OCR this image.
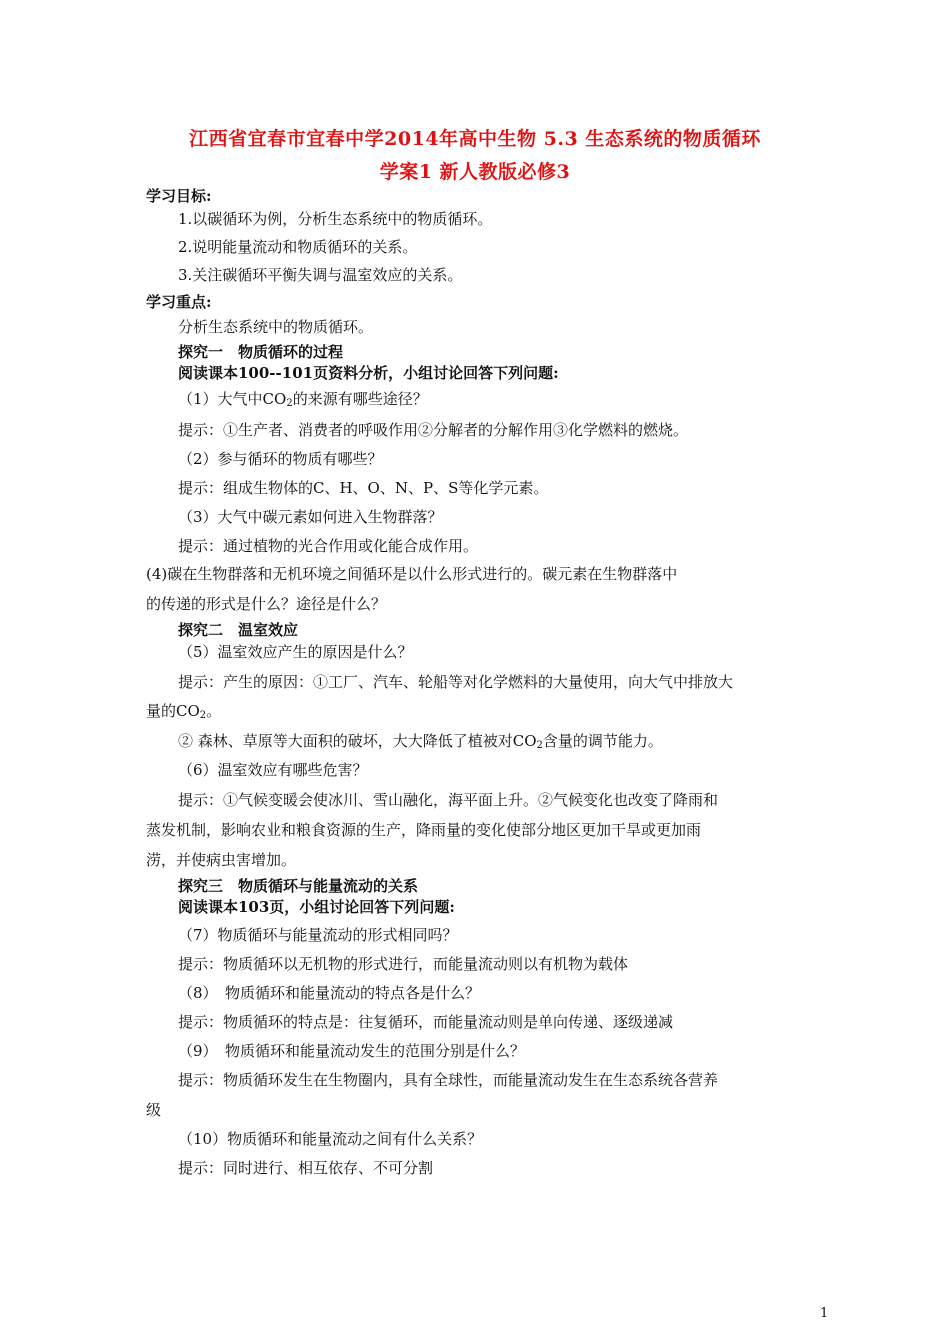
江西省宜春市宜春中学2014年高中生物 5.3 生态系统的物质循环
学案1 新人教版必修3
学习目标:
1.以碳循环为例，分析生态系统中的物质循环。
2.说明能量流动和物质循环的关系。
3.关注碳循环平衡失调与温室效应的关系。
学习重点:
分析生态系统中的物质循环。
探究一　物质循环的过程
阅读课本100--101页资料分析，小组讨论回答下列问题:
（1）大气中$CO_2$的来源有哪些途径？
提示：①生产者、消费者的呼吸作用②分解者的分解作用③化学燃料的燃烧。
（2）参与循环的物质有哪些？
提示：组成生物体的C、H、O、N、P、S等化学元素。
（3）大气中碳元素如何进入生物群落？
提示：通过植物的光合作用或化能合成作用。
(4)碳在生物群落和无机环境之间循环是以什么形式进行的。碳元素在生物群落中
的传递的形式是什么？途径是什么？
探究二　温室效应
（5）温室效应产生的原因是什么？
提示：产生的原因：①工厂、汽车、轮船等对化学燃料的大量使用，向大气中排放大
量的$CO_2$。
② 森林、草原等大面积的破坏，大大降低了植被对$CO_2$含量的调节能力。
（6）温室效应有哪些危害？
提示：①气候变暖会使冰川、雪山融化，海平面上升。②气候变化也改变了降雨和
蒸发机制，影响农业和粮食资源的生产，降雨量的变化使部分地区更加干旱或更加雨
涝，并使病虫害增加。
探究三　物质循环与能量流动的关系
阅读课本103页，小组讨论回答下列问题:
（7）物质循环与能量流动的形式相同吗？
提示：物质循环以无机物的形式进行，而能量流动则以有机物为载体
（8）　物质循环和能量流动的特点各是什么？
提示：物质循环的特点是：往复循环，而能量流动则是单向传递、逐级递减
（9）　物质循环和能量流动发生的范围分别是什么？
提示：物质循环发生在生物圈内，具有全球性，而能量流动发生在生态系统各营养
级
（10）物质循环和能量流动之间有什么关系？
提示：同时进行、相互依存、不可分割
1
